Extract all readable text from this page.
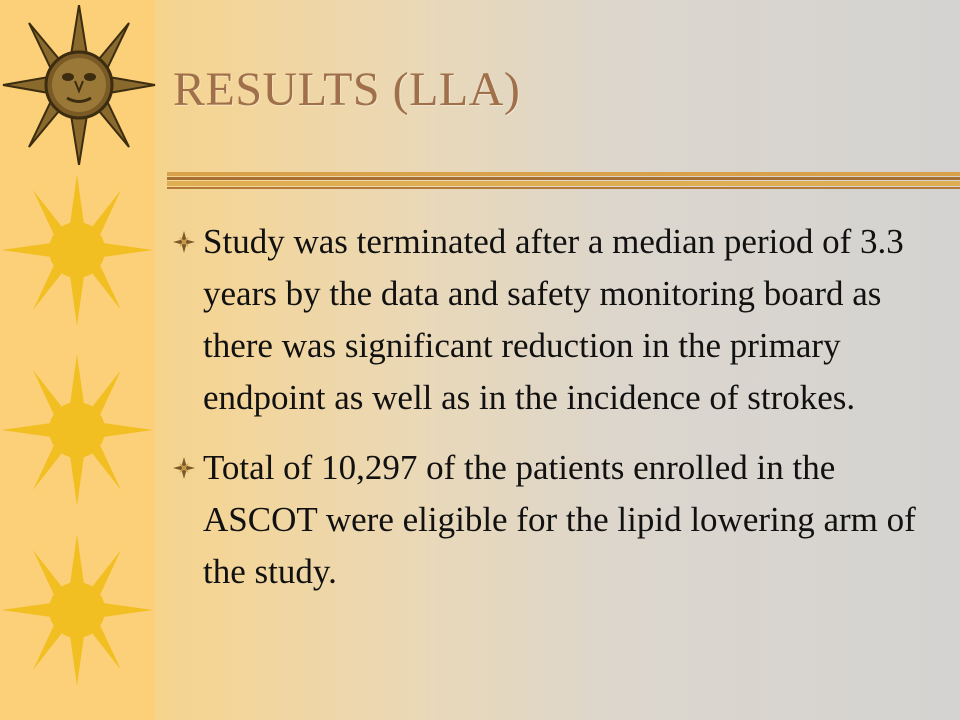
RESULTS (LLA)
Study was terminated after a median period of 3.3 years by the data and safety monitoring board as there was significant reduction in the primary endpoint as well as in the incidence of strokes.
Total of 10,297 of the patients enrolled in the ASCOT were eligible for the lipid lowering arm of the study.
